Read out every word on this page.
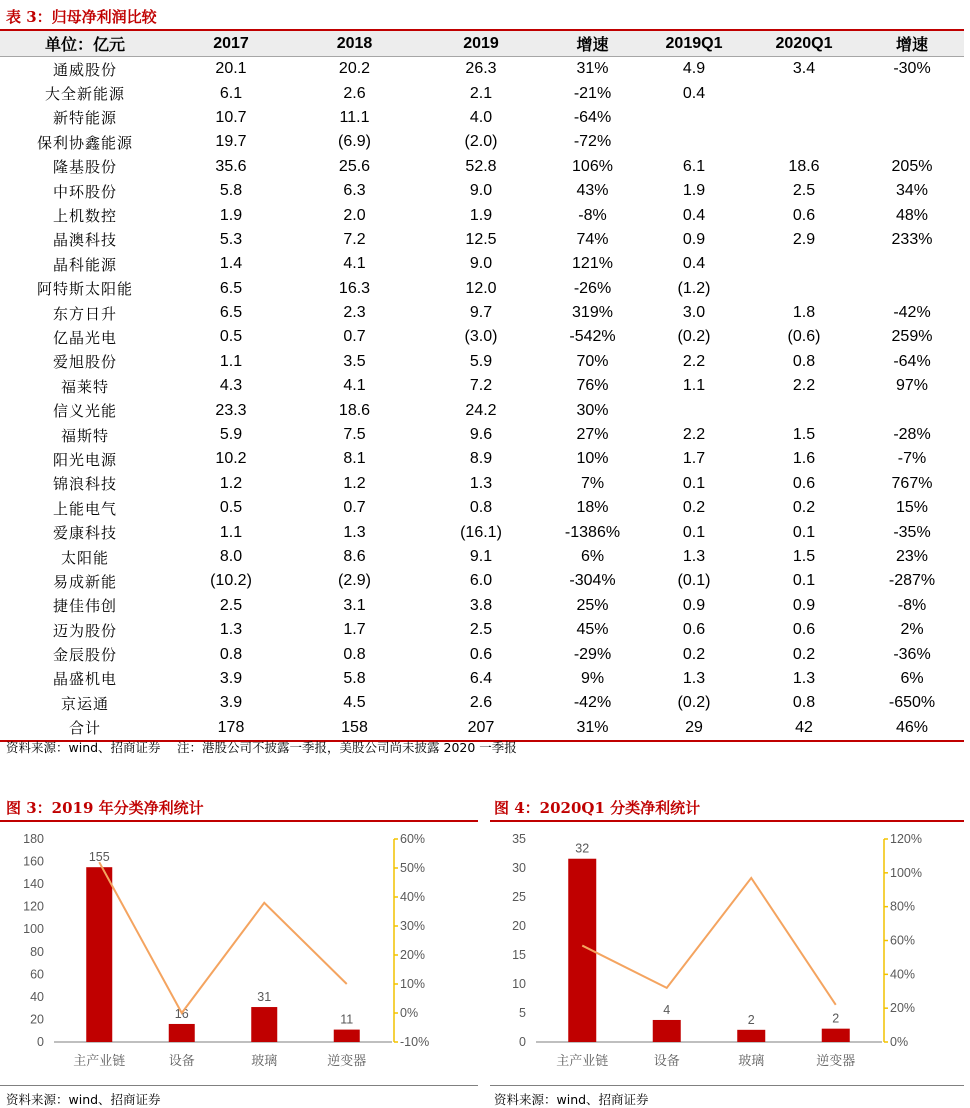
表 3：归母净利润比较
单位：亿元	2017	2018	2019	增速	2019Q1	2020Q1	增速
通威股份	20.1	20.2	26.3	31%	4.9	3.4	-30%
大全新能源	6.1	2.6	2.1	-21%	0.4		
新特能源	10.7	11.1	4.0	-64%			
保利协鑫能源	19.7	(6.9)	(2.0)	-72%			
隆基股份	35.6	25.6	52.8	106%	6.1	18.6	205%
中环股份	5.8	6.3	9.0	43%	1.9	2.5	34%
上机数控	1.9	2.0	1.9	-8%	0.4	0.6	48%
晶澳科技	5.3	7.2	12.5	74%	0.9	2.9	233%
晶科能源	1.4	4.1	9.0	121%	0.4		
阿特斯太阳能	6.5	16.3	12.0	-26%	(1.2)		
东方日升	6.5	2.3	9.7	319%	3.0	1.8	-42%
亿晶光电	0.5	0.7	(3.0)	-542%	(0.2)	(0.6)	259%
爱旭股份	1.1	3.5	5.9	70%	2.2	0.8	-64%
福莱特	4.3	4.1	7.2	76%	1.1	2.2	97%
信义光能	23.3	18.6	24.2	30%			
福斯特	5.9	7.5	9.6	27%	2.2	1.5	-28%
阳光电源	10.2	8.1	8.9	10%	1.7	1.6	-7%
锦浪科技	1.2	1.2	1.3	7%	0.1	0.6	767%
上能电气	0.5	0.7	0.8	18%	0.2	0.2	15%
爱康科技	1.1	1.3	(16.1)	-1386%	0.1	0.1	-35%
太阳能	8.0	8.6	9.1	6%	1.3	1.5	23%
易成新能	(10.2)	(2.9)	6.0	-304%	(0.1)	0.1	-287%
捷佳伟创	2.5	3.1	3.8	25%	0.9	0.9	-8%
迈为股份	1.3	1.7	2.5	45%	0.6	0.6	2%
金辰股份	0.8	0.8	0.6	-29%	0.2	0.2	-36%
晶盛机电	3.9	5.8	6.4	9%	1.3	1.3	6%
京运通	3.9	4.5	2.6	-42%	(0.2)	0.8	-650%
合计	178	158	207	31%	29	42	46%
资料来源：wind、招商证券　 注：港股公司不披露一季报，美股公司尚未披露 2020 一季报
图 3：2019 年分类净利统计
0
20
40
60
80
100
120
140
160
180
-10%
0%
10%
20%
30%
40%
50%
60%
155
主产业链
16
设备
31
玻璃
11
逆变器
资料来源：wind、招商证券
图 4：2020Q1 分类净利统计
0
5
10
15
20
25
30
35
0%
20%
40%
60%
80%
100%
120%
32
主产业链
4
设备
2
玻璃
2
逆变器
资料来源：wind、招商证券
